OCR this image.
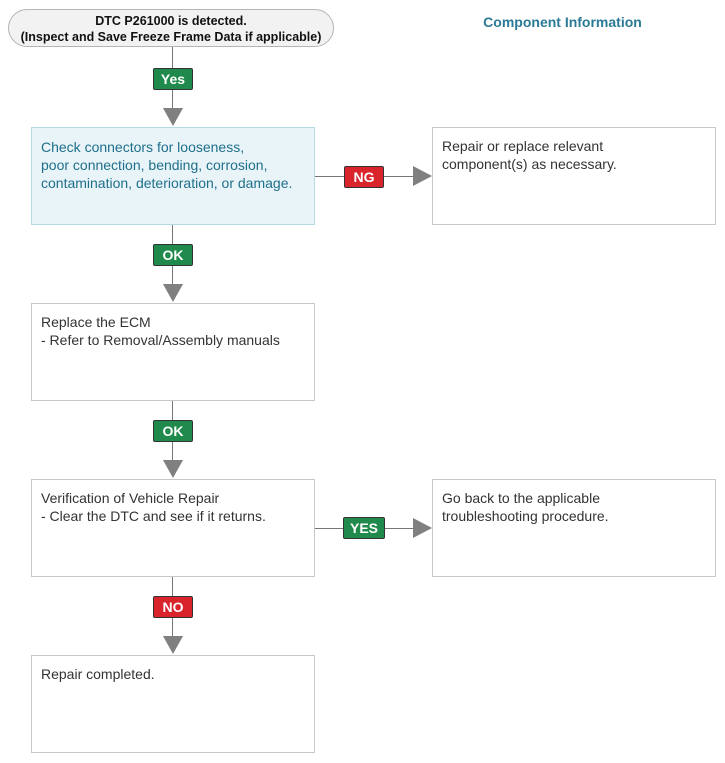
DTC P261000 is detected.
(Inspect and Save Freeze Frame Data if applicable)
Component Information
Yes
Check connectors for looseness,
poor connection, bending, corrosion,
contamination, deterioration, or damage.	NG
Repair or replace relevant
component(s) as necessary.
OK
Replace the ECM
- Refer to Removal/Assembly manuals
OK
Verification of Vehicle Repair
- Clear the DTC and see if it returns.
YES
Go back to the applicable
troubleshooting procedure.
NO
Repair completed.
